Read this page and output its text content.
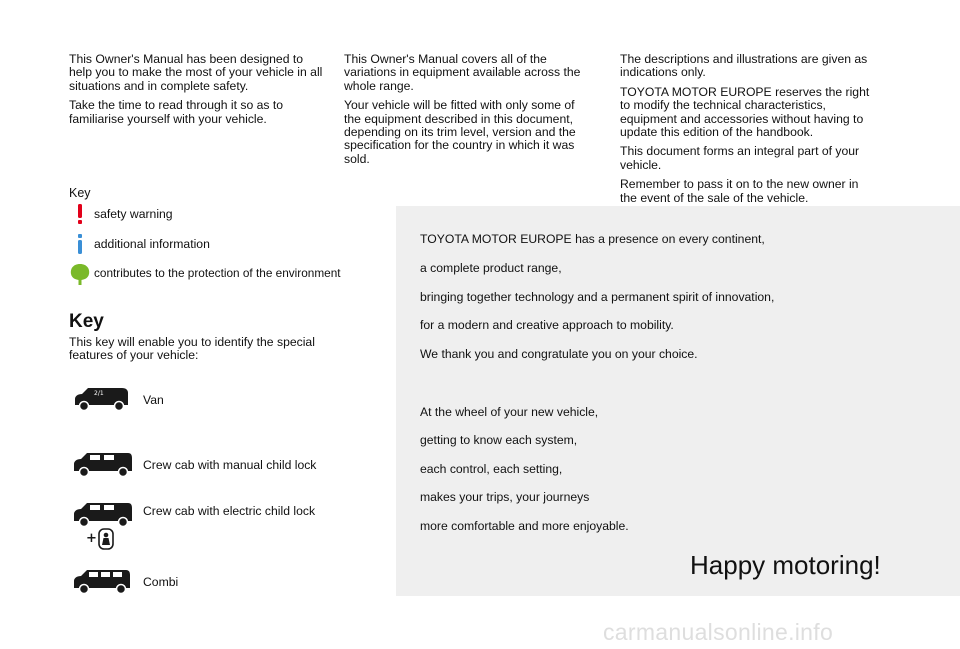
This Owner's Manual has been designed to help you to make the most of your vehicle in all situations and in complete safety.

Take the time to read through it so as to familiarise yourself with your vehicle.

This Owner's Manual covers all of the variations in equipment available across the whole range.

Your vehicle will be fitted with only some of the equipment described in this document, depending on its trim level, version and the specification for the country in which it was sold.

The descriptions and illustrations are given as indications only.

TOYOTA MOTOR EUROPE reserves the right to modify the technical characteristics, equipment and accessories without having to update this edition of the handbook.

This document forms an integral part of your vehicle.

Remember to pass it on to the new owner in the event of the sale of the vehicle.

Key
safety warning
additional information
contributes to the protection of the environment
Key

This key will enable you to identify the special features of your vehicle:

2/1	Van
Crew cab with manual child lock
Crew cab with electric child lock
+
Combi
TOYOTA MOTOR EUROPE has a presence on every continent,
a complete product range,
bringing together technology and a permanent spirit of innovation,
for a modern and creative approach to mobility.
We thank you and congratulate you on your choice.
At the wheel of your new vehicle,
getting to know each system,
each control, each setting,
makes your trips, your journeys
more comfortable and more enjoyable.
Happy motoring!
carmanualsonline.info
